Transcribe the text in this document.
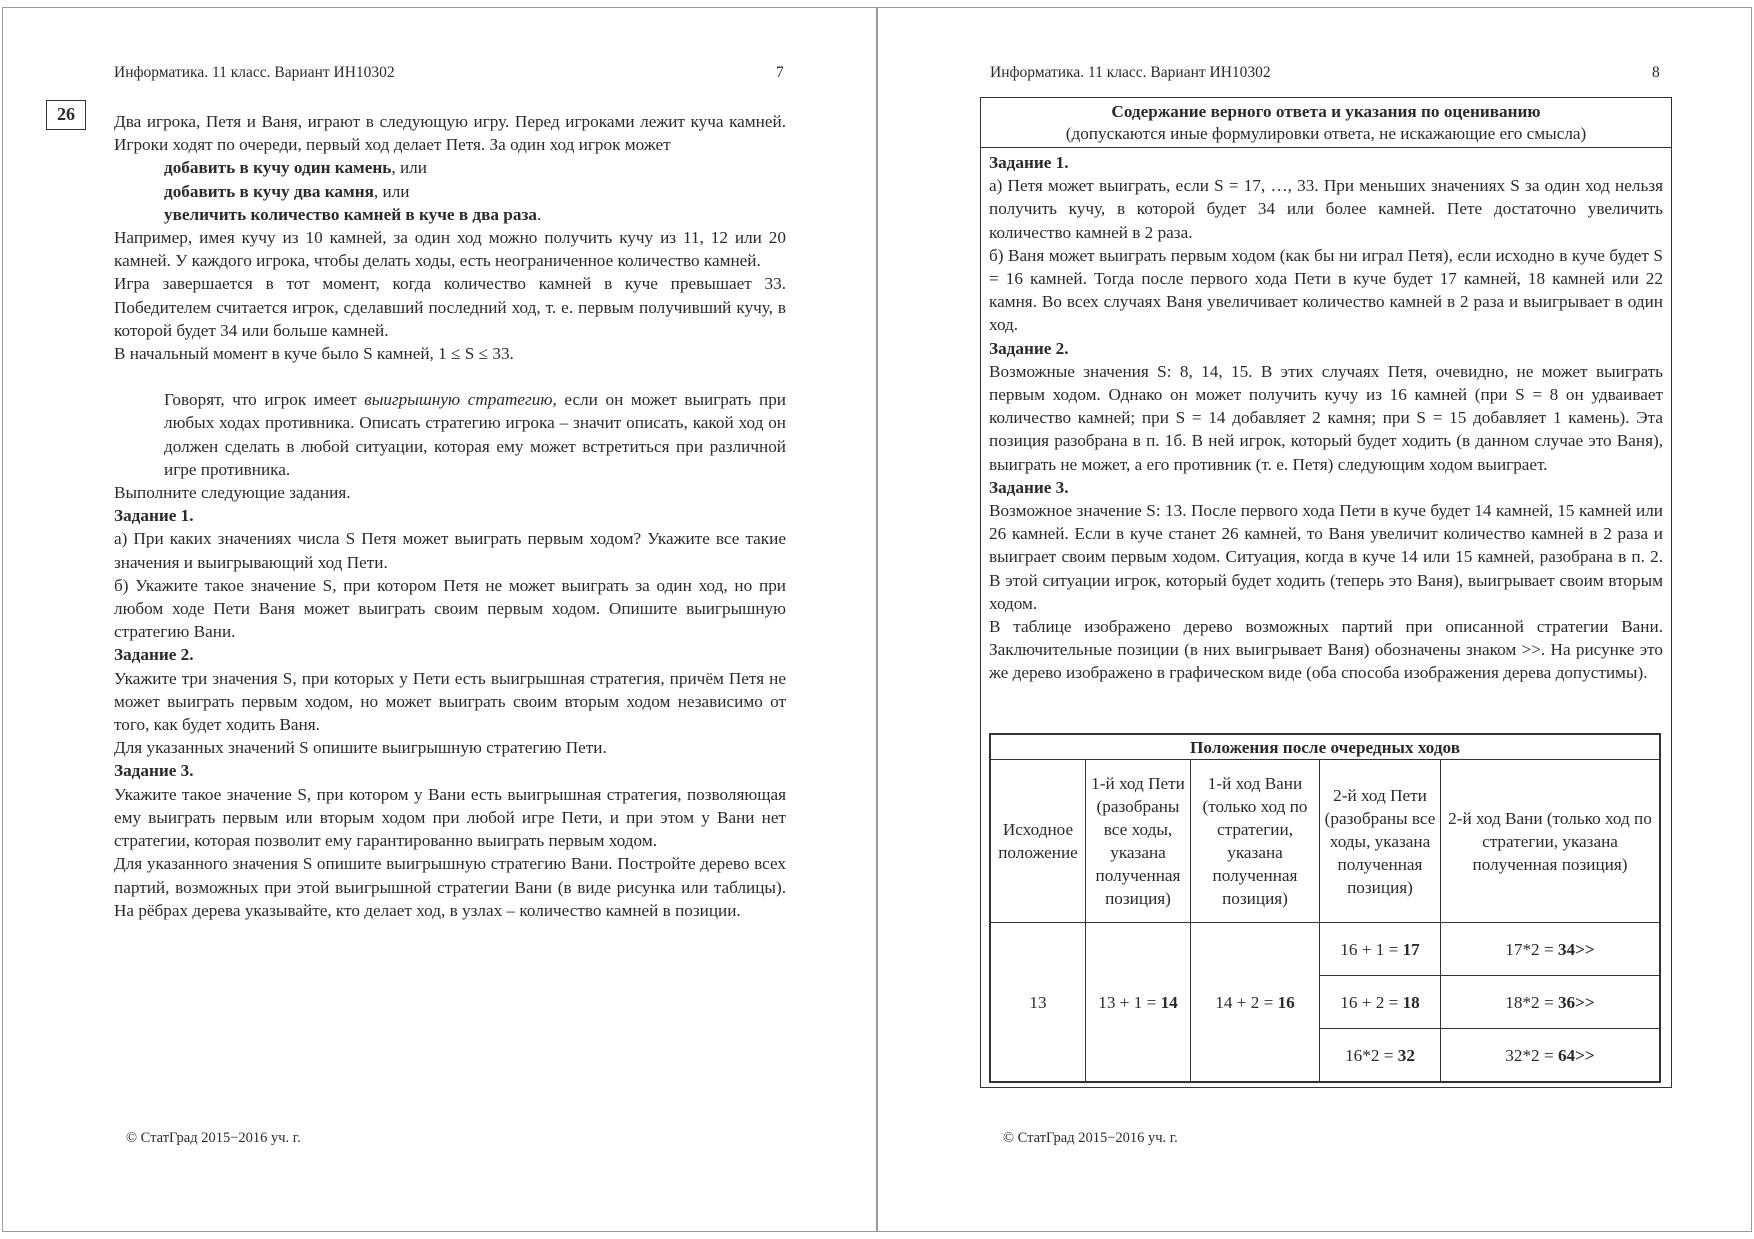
Информатика. 11 класс. Вариант ИН10302	7
26	Два игрока, Петя и Ваня, играют в следующую игру. Перед игроками лежит куча камней. Игроки ходят по очереди, первый ход делает Петя. За один ход игрок может

добавить в кучу один камень, или

добавить в кучу два камня, или

увеличить количество камней в куче в два раза.

Например, имея кучу из 10 камней, за один ход можно получить кучу из 11, 12 или 20 камней. У каждого игрока, чтобы делать ходы, есть неограниченное количество камней.

Игра завершается в тот момент, когда количество камней в куче превышает 33. Победителем считается игрок, сделавший последний ход, т. е. первым получивший кучу, в которой будет 34 или больше камней.

В начальный момент в куче было S камней, 1 ≤ S ≤ 33.

Говорят, что игрок имеет выигрышную стратегию, если он может выиграть при любых ходах противника. Описать стратегию игрока – значит описать, какой ход он должен сделать в любой ситуации, которая ему может встретиться при различной игре противника.

Выполните следующие задания.

Задание 1.

а) При каких значениях числа S Петя может выиграть первым ходом? Укажите все такие значения и выигрывающий ход Пети.

б) Укажите такое значение S, при котором Петя не может выиграть за один ход, но при любом ходе Пети Ваня может выиграть своим первым ходом. Опишите выигрышную стратегию Вани.

Задание 2.

Укажите три значения S, при которых у Пети есть выигрышная стратегия, причём Петя не может выиграть первым ходом, но может выиграть своим вторым ходом независимо от того, как будет ходить Ваня.

Для указанных значений S опишите выигрышную стратегию Пети.

Задание 3.

Укажите такое значение S, при котором у Вани есть выигрышная стратегия, позволяющая ему выиграть первым или вторым ходом при любой игре Пети, и при этом у Вани нет стратегии, которая позволит ему гарантированно выиграть первым ходом.

Для указанного значения S опишите выигрышную стратегию Вани. Постройте дерево всех партий, возможных при этой выигрышной стратегии Вани (в виде рисунка или таблицы). На рёбрах дерева указывайте, кто делает ход, в узлах – количество камней в позиции.

© СтатГрад 2015−2016 уч. г.
Информатика. 11 класс. Вариант ИН10302	8
Содержание верного ответа и указания по оцениванию
(допускаются иные формулировки ответа, не искажающие его смысла)

Задание 1.

а) Петя может выиграть, если S = 17, …, 33. При меньших значениях S за один ход нельзя получить кучу, в которой будет 34 или более камней. Пете достаточно увеличить количество камней в 2 раза.

б) Ваня может выиграть первым ходом (как бы ни играл Петя), если исходно в куче будет S = 16 камней. Тогда после первого хода Пети в куче будет 17 камней, 18 камней или 22 камня. Во всех случаях Ваня увеличивает количество камней в 2 раза и выигрывает в один ход.

Задание 2.

Возможные значения S: 8, 14, 15. В этих случаях Петя, очевидно, не может выиграть первым ходом. Однако он может получить кучу из 16 камней (при S = 8 он удваивает количество камней; при S = 14 добавляет 2 камня; при S = 15 добавляет 1 камень). Эта позиция разобрана в п. 1б. В ней игрок, который будет ходить (в данном случае это Ваня), выиграть не может, а его противник (т. е. Петя) следующим ходом выиграет.

Задание 3.

Возможное значение S: 13. После первого хода Пети в куче будет 14 камней, 15 камней или 26 камней. Если в куче станет 26 камней, то Ваня увеличит количество камней в 2 раза и выиграет своим первым ходом. Ситуация, когда в куче 14 или 15 камней, разобрана в п. 2. В этой ситуации игрок, который будет ходить (теперь это Ваня), выигрывает своим вторым ходом.

В таблице изображено дерево возможных партий при описанной стратегии Вани. Заключительные позиции (в них выигрывает Ваня) обозначены знаком >>. На рисунке это же дерево изображено в графическом виде (оба способа изображения дерева допустимы).

Положения после очередных ходов				
Исходное положение	1-й ход Пети (разобраны все ходы, указана полученная позиция)	1-й ход Вани (только ход по стратегии, указана полученная позиция)	2-й ход Пети (разобраны все ходы, указана полученная позиция)	2-й ход Вани (только ход по стратегии, указана полученная позиция)
13	13 + 1 = 14	14 + 2 = 16	16 + 1 = 17	17*2 = 34>>
			16 + 2 = 18	18*2 = 36>>
			16*2 = 32	32*2 = 64>>
© СтатГрад 2015−2016 уч. г.
